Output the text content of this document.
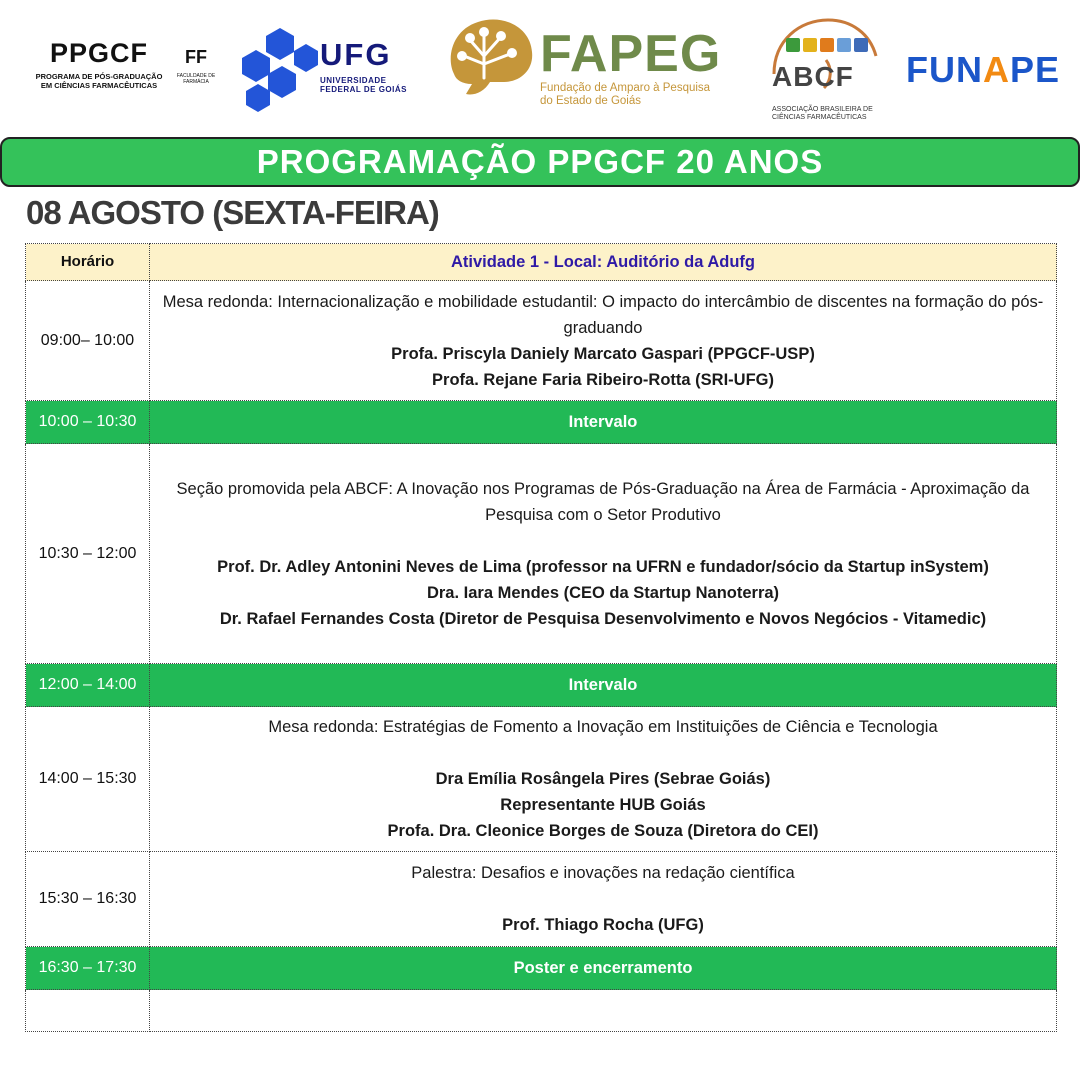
PPGCF
PROGRAMA DE PÓS-GRADUAÇÃO
EM CIÊNCIAS FARMACÊUTICAS
FF
FACULDADE DE
FARMÁCIA
UFG
UNIVERSIDADE
FEDERAL DE GOIÁS
FAPEG
Fundação de Amparo à Pesquisa
do Estado de Goiás
ABCF
ASSOCIAÇÃO BRASILEIRA DE
CIÊNCIAS FARMACÊUTICAS
FUNAPE
PROGRAMAÇÃO PPGCF 20 ANOS
08 AGOSTO (SEXTA-FEIRA)
Horário	Atividade 1 - Local: Auditório da Adufg
09:00– 10:00	Mesa redonda: Internacionalização e mobilidade estudantil: O impacto do intercâmbio de discentes na formação do pós-graduando
Profa. Priscyla Daniely Marcato Gaspari (PPGCF-USP)
Profa. Rejane Faria Ribeiro-Rotta (SRI-UFG)

10:00 – 10:30	Intervalo
10:30 – 12:00	Seção promovida pela ABCF: A Inovação nos Programas de Pós-Graduação na Área de Farmácia - Aproximação da Pesquisa com o Setor Produtivo
Prof. Dr. Adley Antonini Neves de Lima (professor na UFRN e fundador/sócio da Startup inSystem)
Dra. Iara Mendes (CEO da Startup Nanoterra)
Dr. Rafael Fernandes Costa (Diretor de Pesquisa Desenvolvimento e Novos Negócios - Vitamedic)

12:00 – 14:00	Intervalo
14:00 – 15:30	Mesa redonda: Estratégias de Fomento a Inovação em Instituições de Ciência e Tecnologia
Dra Emília Rosângela Pires (Sebrae Goiás)
Representante HUB Goiás
Profa. Dra. Cleonice Borges de Souza (Diretora do CEI)

15:30 – 16:30	Palestra: Desafios e inovações na redação científica
Prof. Thiago Rocha (UFG)

16:30 – 17:30	Poster e encerramento
